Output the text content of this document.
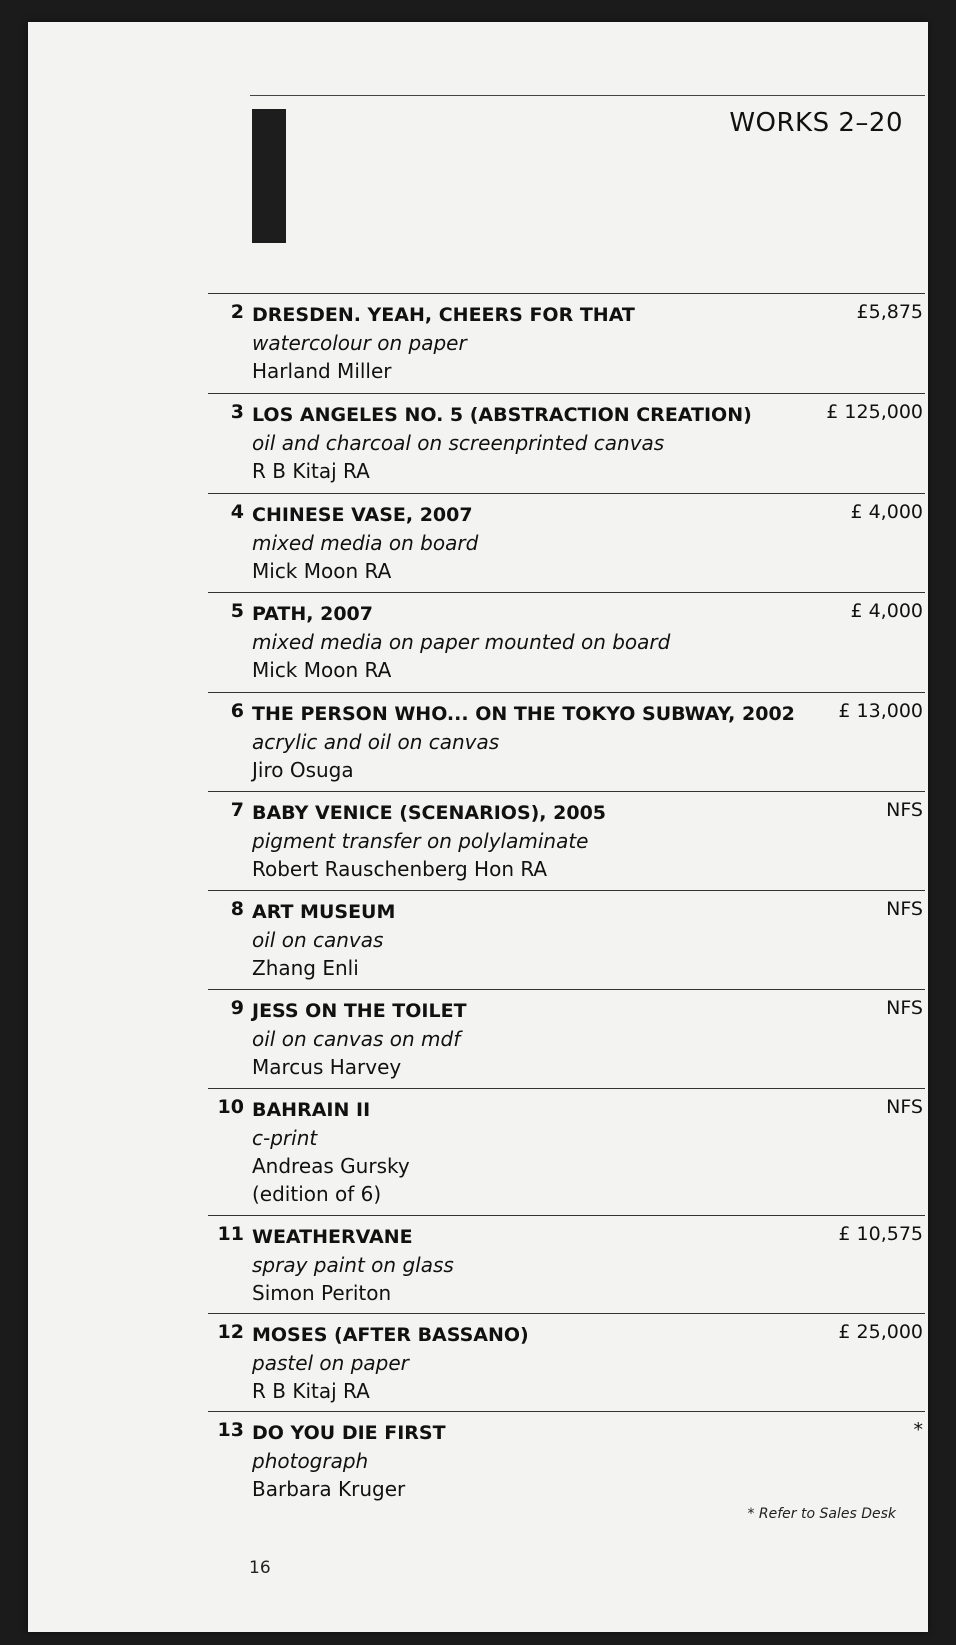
WORKS 2–20
2	£5,875
DRESDEN. YEAH, CHEERS FOR THAT
watercolour on paper
Harland Miller
3	£ 125,000
LOS ANGELES NO. 5 (ABSTRACTION CREATION)
oil and charcoal on screenprinted canvas
R B Kitaj RA
4	£ 4,000
CHINESE VASE, 2007
mixed media on board
Mick Moon RA
5	£ 4,000
PATH, 2007
mixed media on paper mounted on board
Mick Moon RA
6	£ 13,000
THE PERSON WHO... ON THE TOKYO SUBWAY, 2002
acrylic and oil on canvas
Jiro Osuga
7	NFS
BABY VENICE (SCENARIOS), 2005
pigment transfer on polylaminate
Robert Rauschenberg Hon RA
8	NFS
ART MUSEUM
oil on canvas
Zhang Enli
9	NFS
JESS ON THE TOILET
oil on canvas on mdf
Marcus Harvey
10	NFS
BAHRAIN II
c-print
Andreas Gursky
(edition of 6)
11	£ 10,575
WEATHERVANE
spray paint on glass
Simon Periton
12	£ 25,000
MOSES (AFTER BASSANO)
pastel on paper
R B Kitaj RA
13	*
DO YOU DIE FIRST
photograph
Barbara Kruger
* Refer to Sales Desk
16
